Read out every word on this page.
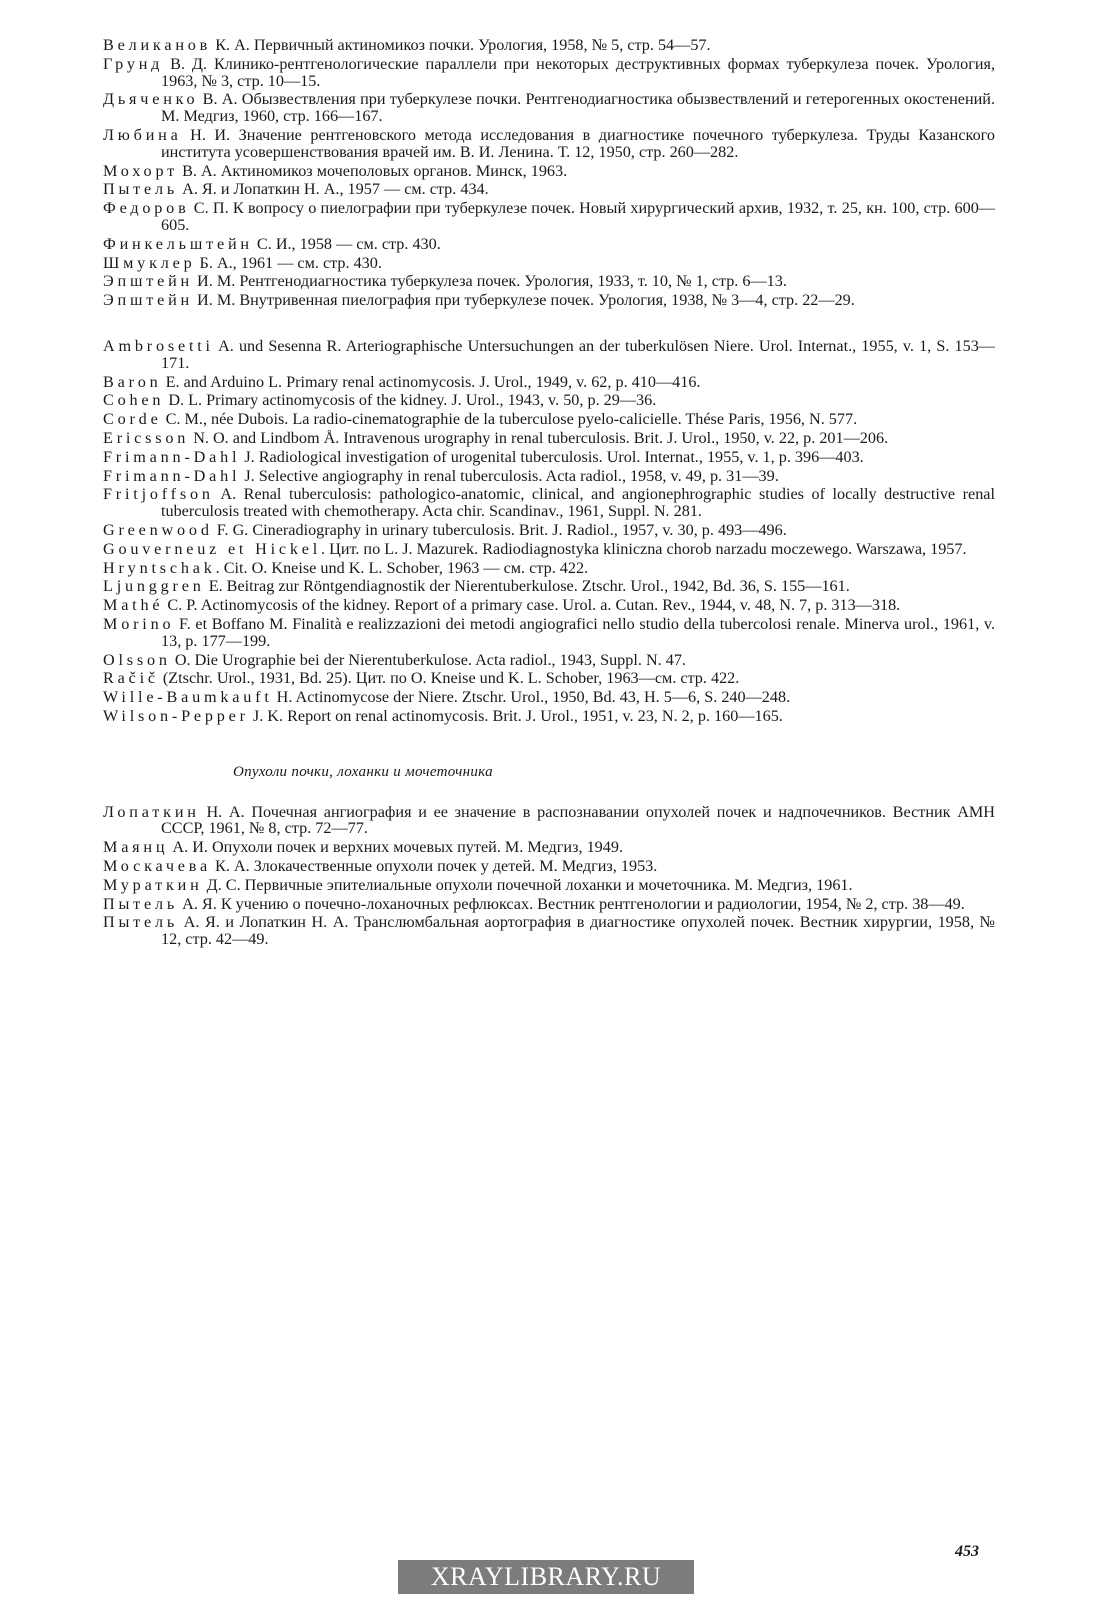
Великанов К. А. Первичный актиномикоз почки. Урология, 1958, № 5, стр. 54—57.
Грунд В. Д. Клинико-рентгенологические параллели при некоторых деструктивных формах туберкулеза почек. Урология, 1963, № 3, стр. 10—15.
Дьяченко В. А. Обызвествления при туберкулезе почки. Рентгенодиагностика обызвествлений и гетерогенных окостенений. М. Медгиз, 1960, стр. 166—167.
Любина Н. И. Значение рентгеновского метода исследования в диагностике почечного туберкулеза. Труды Казанского института усовершенствования врачей им. В. И. Ленина. Т. 12, 1950, стр. 260—282.
Мохорт В. А. Актиномикоз мочеполовых органов. Минск, 1963.
Пытель А. Я. и Лопаткин Н. А., 1957 — см. стр. 434.
Федоров С. П. К вопросу о пиелографии при туберкулезе почек. Новый хирургический архив, 1932, т. 25, кн. 100, стр. 600—605.
Финкельштейн С. И., 1958 — см. стр. 430.
Шмуклер Б. А., 1961 — см. стр. 430.
Эпштейн И. М. Рентгенодиагностика туберкулеза почек. Урология, 1933, т. 10, № 1, стр. 6—13.
Эпштейн И. М. Внутривенная пиелография при туберкулезе почек. Урология, 1938, № 3—4, стр. 22—29.
Ambrosetti A. und Sesenna R. Arteriographische Untersuchungen an der tuberkulösen Niere. Urol. Internat., 1955, v. 1, S. 153—171.
Baron E. and Arduino L. Primary renal actinomycosis. J. Urol., 1949, v. 62, p. 410—416.
Cohen D. L. Primary actinomycosis of the kidney. J. Urol., 1943, v. 50, p. 29—36.
Corde C. M., née Dubois. La radio-cinematographie de la tuberculose pyelo-calicielle. Thése Paris, 1956, N. 577.
Ericsson N. O. and Lindbom Å. Intravenous urography in renal tuberculosis. Brit. J. Urol., 1950, v. 22, p. 201—206.
Frimann-Dahl J. Radiological investigation of urogenital tuberculosis. Urol. Internat., 1955, v. 1, p. 396—403.
Frimann-Dahl J. Selective angiography in renal tuberculosis. Acta radiol., 1958, v. 49, p. 31—39.
Fritjoffson A. Renal tuberculosis: pathologico-anatomic, clinical, and angionephrographic studies of locally destructive renal tuberculosis treated with chemotherapy. Acta chir. Scandinav., 1961, Suppl. N. 281.
Greenwood F. G. Cineradiography in urinary tuberculosis. Brit. J. Radiol., 1957, v. 30, p. 493—496.
Gouverneuz et Hickel. Цит. по L. J. Mazurek. Radiodiagnostyka kliniczna chorob narzadu moczewego. Warszawa, 1957.
Hryntschak. Cit. O. Kneise und K. L. Schober, 1963 — см. стр. 422.
Ljunggren E. Beitrag zur Röntgendiagnostik der Nierentuberkulose. Ztschr. Urol., 1942, Bd. 36, S. 155—161.
Mathé C. P. Actinomycosis of the kidney. Report of a primary case. Urol. a. Cutan. Rev., 1944, v. 48, N. 7, p. 313—318.
Morino F. et Boffano M. Finalità e realizzazioni dei metodi angiografici nello studio della tubercolosi renale. Minerva urol., 1961, v. 13, p. 177—199.
Olsson O. Die Urographie bei der Nierentuberkulose. Acta radiol., 1943, Suppl. N. 47.
Račič (Ztschr. Urol., 1931, Bd. 25). Цит. по O. Kneise und K. L. Schober, 1963—см. стр. 422.
Wille-Baumkauft H. Actinomycose der Niere. Ztschr. Urol., 1950, Bd. 43, H. 5—6, S. 240—248.
Wilson-Pepper J. K. Report on renal actinomycosis. Brit. J. Urol., 1951, v. 23, N. 2, p. 160—165.
Опухоли почки, лоханки и мочеточника
Лопаткин Н. А. Почечная ангиография и ее значение в распознавании опухолей почек и надпочечников. Вестник АМН СССР, 1961, № 8, стр. 72—77.
Маянц А. И. Опухоли почек и верхних мочевых путей. М. Медгиз, 1949.
Москачева К. А. Злокачественные опухоли почек у детей. М. Медгиз, 1953.
Мураткин Д. С. Первичные эпителиальные опухоли почечной лоханки и мочеточника. М. Медгиз, 1961.
Пытель А. Я. К учению о почечно-лоханочных рефлюксах. Вестник рентгенологии и радиологии, 1954, № 2, стр. 38—49.
Пытель А. Я. и Лопаткин Н. А. Транслюмбальная аортография в диагностике опухолей почек. Вестник хирургии, 1958, № 12, стр. 42—49.
453
XRAYLIBRARY.RU
